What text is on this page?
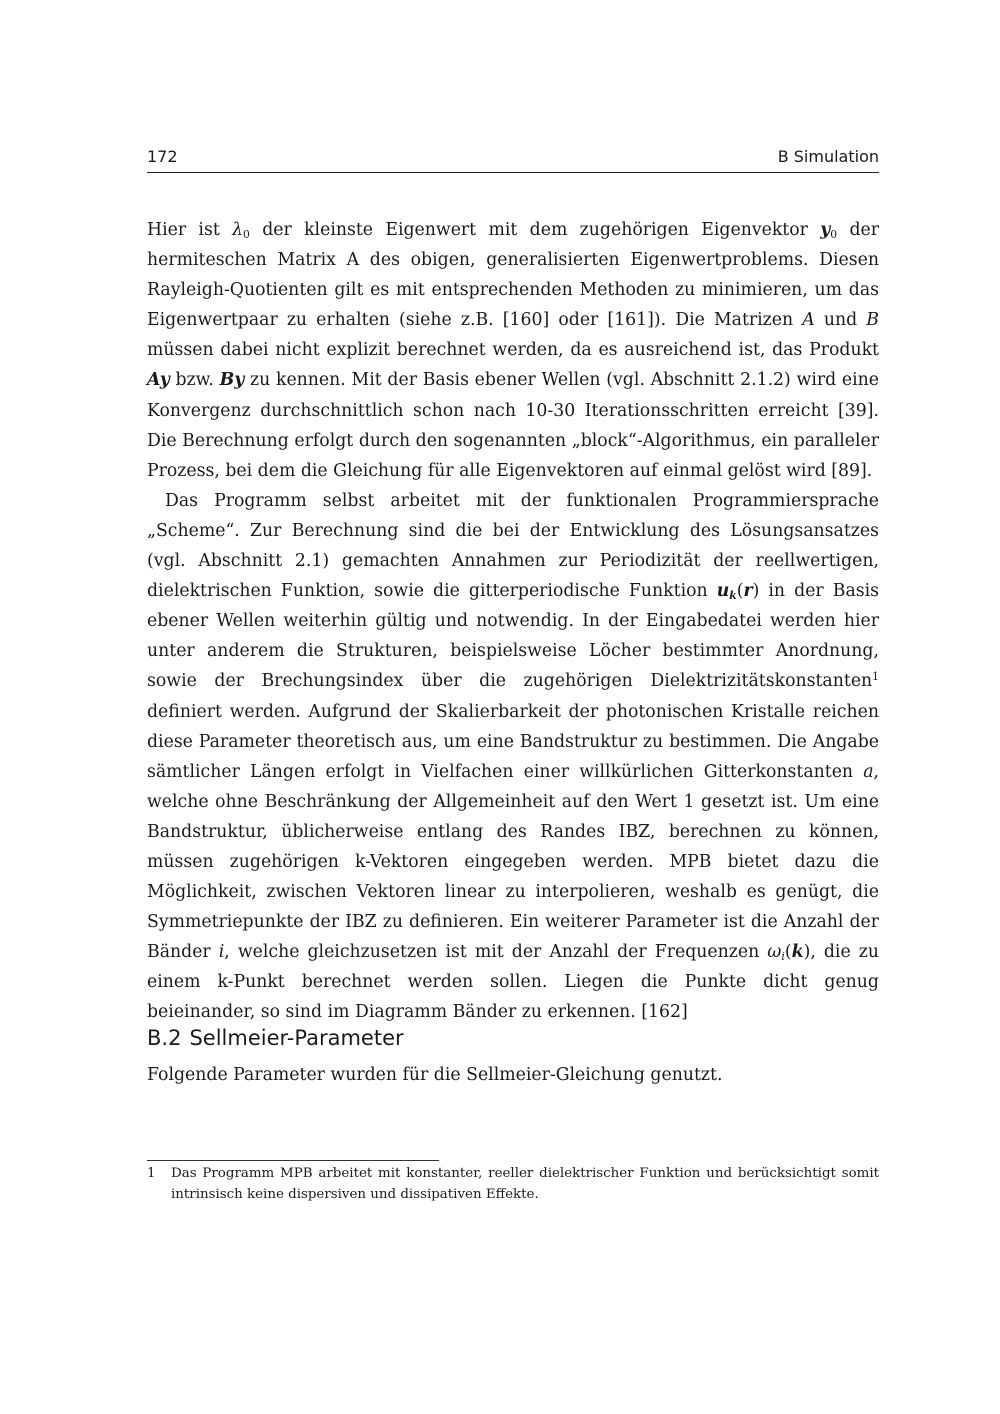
172	B Simulation

Hier ist $\lambda_0$ der kleinste Eigenwert mit dem zugehörigen Eigenvektor $y_0$ der hermiteschen Matrix A des obigen, generalisierten Eigenwertproblems. Diesen Rayleigh-Quotienten gilt es mit entsprechenden Methoden zu minimieren, um das Eigenwertpaar zu erhalten (siehe z.B. [160] oder [161]). Die Matrizen A und B müssen dabei nicht explizit berechnet werden, da es ausreichend ist, das Produkt Ay bzw. By zu kennen. Mit der Basis ebener Wellen (vgl. Abschnitt 2.1.2) wird eine Konvergenz durchschnittlich schon nach 10-30 Iterationsschritten erreicht [39]. Die Berechnung erfolgt durch den sogenannten „block“-Algorithmus, ein paralleler Prozess, bei dem die Gleichung für alle Eigenvektoren auf einmal gelöst wird [89].

Das Programm selbst arbeitet mit der funktionalen Programmiersprache „Scheme“. Zur Berechnung sind die bei der Entwicklung des Lösungsansatzes (vgl. Abschnitt 2.1) gemachten Annahmen zur Periodizität der reellwertigen, dielektrischen Funktion, sowie die gitterperiodische Funktion $u_k(r)$ in der Basis ebener Wellen weiterhin gültig und notwendig. In der Eingabedatei werden hier unter anderem die Strukturen, beispielsweise Löcher bestimmter Anordnung, sowie der Brechungsindex über die zugehörigen Dielektrizitätskonstanten$^1$ definiert werden. Aufgrund der Skalierbarkeit der photonischen Kristalle reichen diese Parameter theoretisch aus, um eine Bandstruktur zu bestimmen. Die Angabe sämtlicher Längen erfolgt in Vielfachen einer willkürlichen Gitterkonstanten a, welche ohne Beschränkung der Allgemeinheit auf den Wert 1 gesetzt ist. Um eine Bandstruktur, üblicherweise entlang des Randes IBZ, berechnen zu können, müssen zugehörigen k-Vektoren eingegeben werden. MPB bietet dazu die Möglichkeit, zwischen Vektoren linear zu interpolieren, weshalb es genügt, die Symmetriepunkte der IBZ zu definieren. Ein weiterer Parameter ist die Anzahl der Bänder i, welche gleichzusetzen ist mit der Anzahl der Frequenzen $\omega_i(k)$, die zu einem k-Punkt berechnet werden sollen. Liegen die Punkte dicht genug beieinander, so sind im Diagramm Bänder zu erkennen. [162]

B.2 Sellmeier-Parameter

Folgende Parameter wurden für die Sellmeier-Gleichung genutzt.

1 Das Programm MPB arbeitet mit konstanter, reeller dielektrischer Funktion und berücksichtigt somit intrinsisch keine dispersiven und dissipativen Effekte.
